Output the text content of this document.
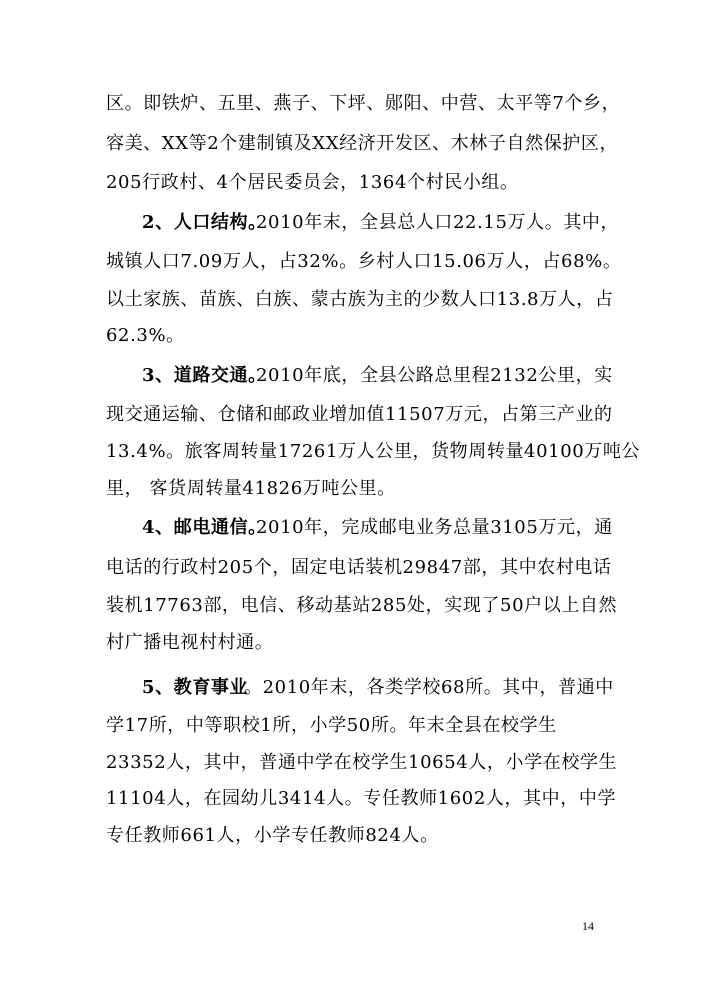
区。即铁炉、五里、燕子、下坪、郧阳、中营、太平等7个乡，
容美、XX等2个建制镇及XX经济开发区、木林子自然保护区，
205行政村、4个居民委员会，1364个村民小组。
2、人口结构。
2010年末，全县总人口22.15万人。其中，
城镇人口7.09万人，占32%。乡村人口15.06万人，占68%。
以土家族、苗族、白族、蒙古族为主的少数人口13.8万人，占
62.3%。
3、道路交通。
2010年底，全县公路总里程2132公里，实
现交通运输、仓储和邮政业增加值11507万元，占第三产业的
13.4%。旅客周转量17261万人公里，货物周转量40100万吨公
里， 客货周转量41826万吨公里。
4、邮电通信。
2010年，完成邮电业务总量3105万元，通
电话的行政村205个，固定电话装机29847部，其中农村电话
装机17763部，电信、移动基站285处，实现了50户以上自然
村广播电视村村通。
5、教育事业
。2010年末，各类学校68所。其中，普通中
学17所，中等职校1所，小学50所。年末全县在校学生
23352人，其中，普通中学在校学生10654人，小学在校学生
11104人，在园幼儿3414人。专任教师1602人，其中，中学
专任教师661人，小学专任教师824人。
14
